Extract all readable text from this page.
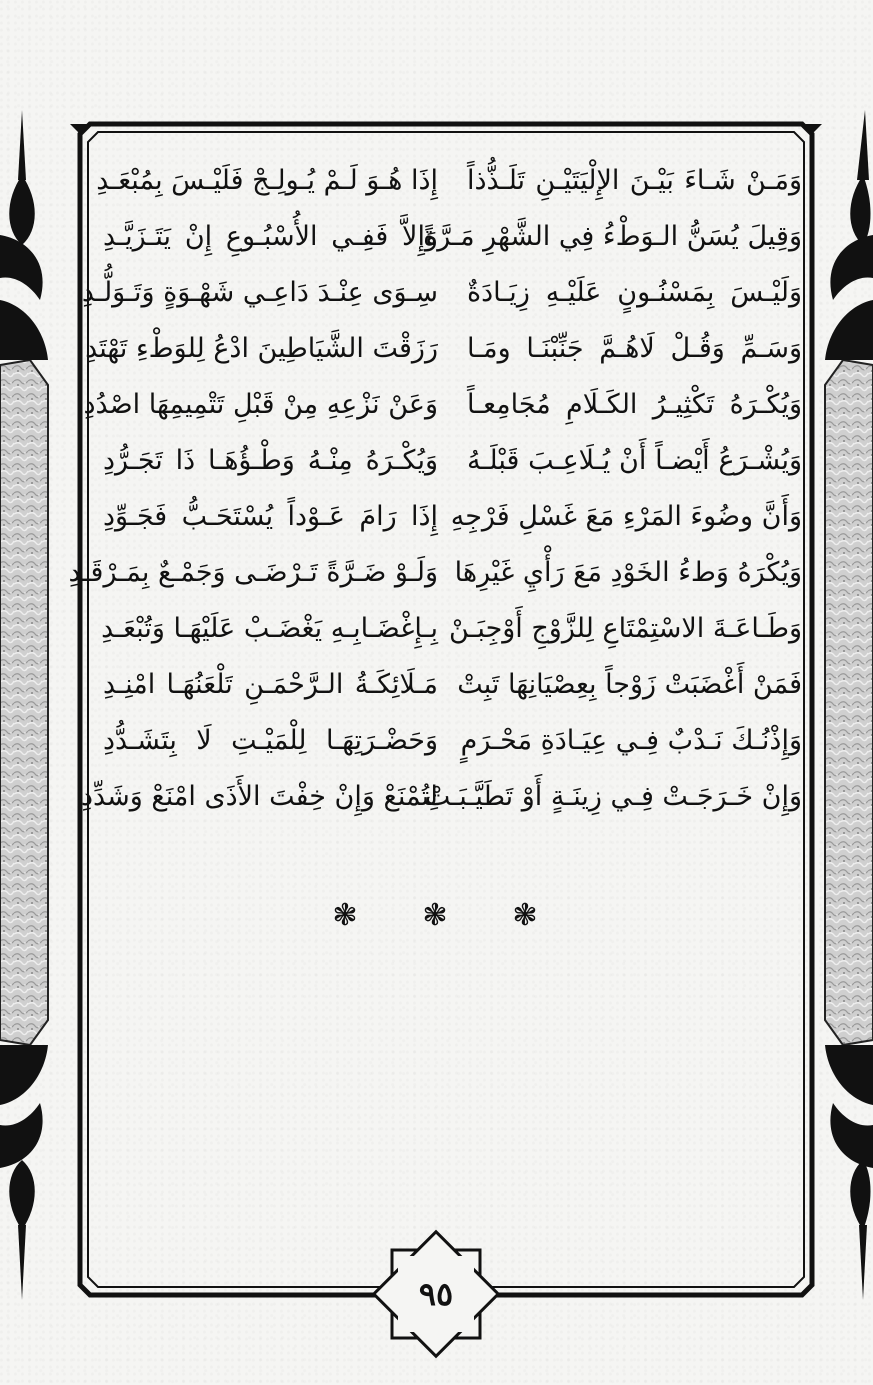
وَمَـنْ شَـاءَ بَيْـنَ الإِلْيَتَيْـنِ تَلَـذُّذاً
إِذَا هُـوَ لَـمْ يُـولِـجْ فَلَيْـسَ بِمُبْعَـدِ
وَقِيلَ يُسَنُّ الـوَطْءُ فِي الشَّهْرِ مَـرَّةً
وَإِلاَّ فَفِـي الأُسْبُـوعِ إِنْ يَتَـزَيَّـدِ
وَلَيْـسَ بِمَسْنُـونٍ عَلَيْـهِ زِيَـادَةٌ
سِـوَى عِنْـدَ دَاعِـي شَهْـوَةٍ وَتَـوَلُّـدِ
وَسَـمِّ وَقُـلْ لَاهُـمَّ جَنِّبْنَـا ومَـا
رَزَقْتَ الشَّيَاطِينَ ادْعُ لِلوَطْءِ تَهْتَدِ
وَيُكْـرَهُ تَكْثِيـرُ الكَـلَامِ مُجَامِعـاً
وَعَنْ نَزْعِهِ مِنْ قَبْلِ تَتْمِيمِهَا اصْدُدِ
وَيُشْـرَعُ أَيْضـاً أَنْ يُـلَاعِـبَ قَبْلَـهُ
وَيُكْـرَهُ مِنْـهُ وَطْـؤُهَـا ذَا تَجَـرُّدِ
وَأَنَّ وضُوءَ المَرْءِ مَعَ غَسْلِ فَرْجِهِ
إِذَا رَامَ عَـوْداً يُسْتَحَـبُّ فَجَـوِّدِ
وَيُكْرَهُ وَطءُ الخَوْدِ مَعَ رَأْيِ غَيْرِهَا
وَلَـوْ ضَـرَّةً تَـرْضَـى وَجَمْـعٌ بِمَـرْقَـدِ
وَطَـاعَـةَ الاسْتِمْتَاعِ لِلزَّوْجِ أَوْجِبَـنْ
بِـإِغْضَـابِـهِ يَغْضَـبْ عَلَيْهَـا وَتُبْعَـدِ
فَمَنْ أَغْضَبَتْ زَوْجاً بِعِصْيَانِهَا تَبِتْ
مَـلَائِكَـةُ الـرَّحْمَـنِ تَلْعَنُهَـا امْنِـدِ
وَإِذْنُـكَ نَـدْبٌ فِـي عِيَـادَةِ مَحْـرَمٍ
وَحَضْـرَتِهَـا لِلْمَيْـتِ لَا بِتَشَـدُّدِ
وَإِنْ خَـرَجَـتْ فِـي زِينَـةٍ أَوْ تَطَيَّـبَـتْ
لِتُمْنَعْ وَإِنْ خِفْتَ الأَذَى امْنَعْ وَشَدِّدِ
❃	❃	❃
٩٥
